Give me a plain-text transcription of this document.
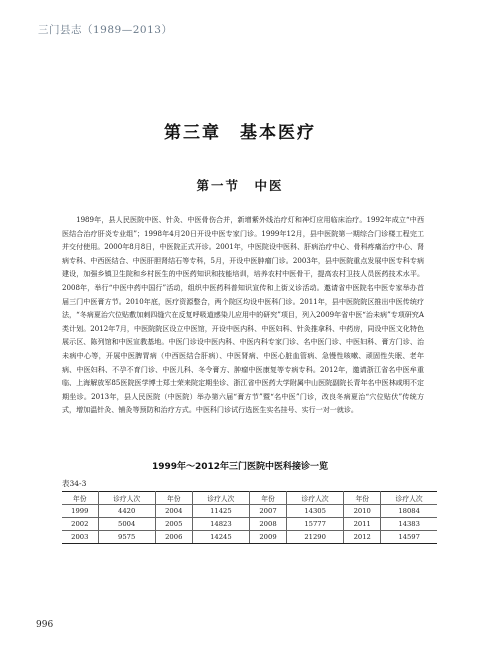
三门县志（1989—2013）
第三章　基本医疗
第一节　中医

1989年，县人民医院中医、针灸、中医骨伤合并，新增紫外线治疗灯和神灯应用临床治疗。1992年成立“中西医结合治疗肝炎专业组”；1998年4月20日开设中医专家门诊。1999年12月，县中医院第一期综合门诊楼工程完工并交付使用。2000年8月8日，中医院正式开诊。2001年，中医院设中医科、肝病治疗中心、骨科疼痛治疗中心、肾病专科、中西医结合、中医肝胆肾结石等专科，5月，开设中医肿瘤门诊。2003年，县中医院重点发展中医专科专病建设，加强乡镇卫生院和乡村医生的中医药知识和技能培训，培养农村中医骨干，提高农村卫技人员医药技术水平。2008年，举行“中医中药中国行”活动，组织中医药科普知识宣传和上街义诊活动。邀请省中医院名中医专家举办首届三门中医膏方节。2010年底，医疗资源整合，两个院区均设中医科门诊。2011年，县中医院院区推出中医传统疗法，“冬病夏治穴位贴敷加刺四缝穴在反复呼吸道感染儿应用中的研究”项目，列入2009年省中医“治未病”专项研究A类计划。2012年7月，中医院院区设立中医馆，开设中医内科、中医妇科、针灸推拿科、中药房，同设中医文化特色展示区、陈列馆和中医宣教基地。中医门诊设中医内科、中医内科专家门诊、名中医门诊、中医妇科、膏方门诊、治未病中心等，开展中医脾胃病（中西医结合肝病）、中医肾病、中医心脏血管病、急慢性咳嗽、顽固性失眠、老年病、中医妇科、不孕不育门诊、中医儿科、冬令膏方、肿瘤中医康复等专病专科。2012年，邀请浙江省名中医牟重临、上海解放军85医院医学博士郑士荣来院定期坐诊、浙江省中医药大学附属中山医院副院长青年名中医林咸明不定期坐诊。2013年，县人民医院（中医院）举办第六届“膏方节”暨“名中医”门诊，改良冬病夏治“穴位贴伏”传统方式，增加温针灸、铺灸等预防和治疗方式。中医科门诊试行选医生实名挂号、实行一对一就诊。

1999年～2012年三门医院中医科接诊一览
表34-3
年份	诊疗人次	年份	诊疗人次	年份	诊疗人次	年份	诊疗人次
1999	4420	2004	11425	2007	14305	2010	18084
2002	5004	2005	14823	2008	15777	2011	14383
2003	9575	2006	14245	2009	21290	2012	14597
996
